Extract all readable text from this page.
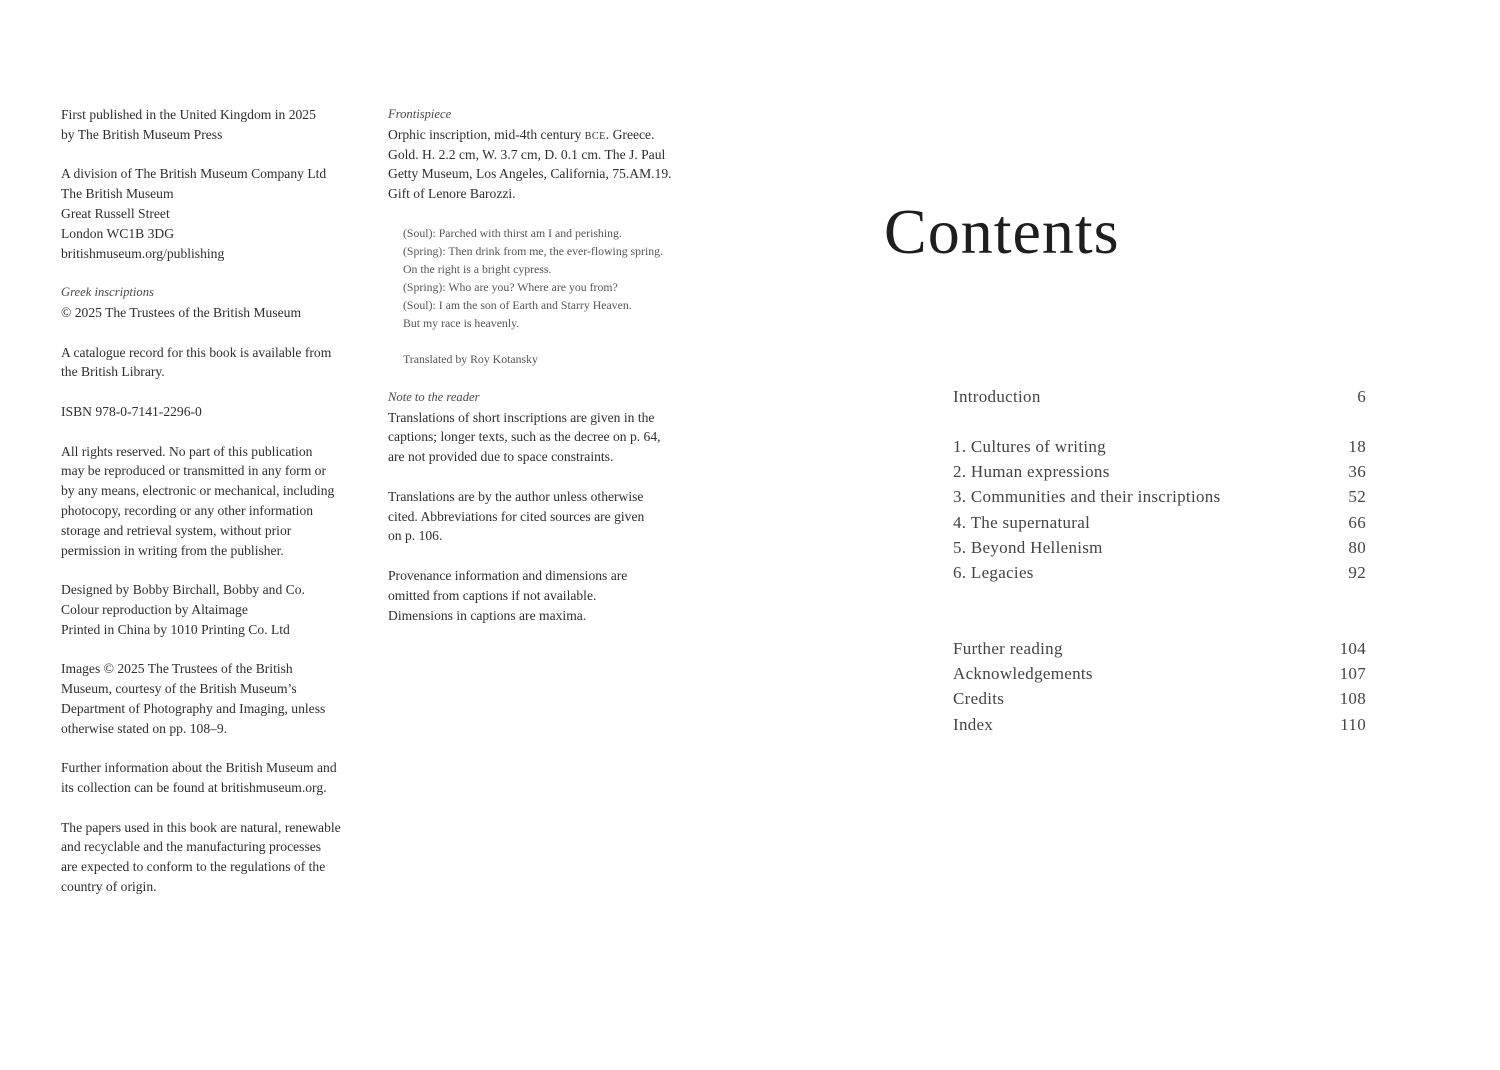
First published in the United Kingdom in 2025
by The British Museum Press
A division of The British Museum Company Ltd
The British Museum
Great Russell Street
London WC1B 3DG
britishmuseum.org/publishing
Greek inscriptions
© 2025 The Trustees of the British Museum
A catalogue record for this book is available from
the British Library.
ISBN 978-0-7141-2296-0
All rights reserved. No part of this publication
may be reproduced or transmitted in any form or
by any means, electronic or mechanical, including
photocopy, recording or any other information
storage and retrieval system, without prior
permission in writing from the publisher.
Designed by Bobby Birchall, Bobby and Co.
Colour reproduction by Altaimage
Printed in China by 1010 Printing Co. Ltd
Images © 2025 The Trustees of the British
Museum, courtesy of the British Museum’s
Department of Photography and Imaging, unless
otherwise stated on pp. 108–9.
Further information about the British Museum and
its collection can be found at britishmuseum.org.
The papers used in this book are natural, renewable
and recyclable and the manufacturing processes
are expected to conform to the regulations of the
country of origin.
Frontispiece
Orphic inscription, mid-4th century bce. Greece.
Gold. H. 2.2 cm, W. 3.7 cm, D. 0.1 cm. The J. Paul
Getty Museum, Los Angeles, California, 75.AM.19.
Gift of Lenore Barozzi.
(Soul): Parched with thirst am I and perishing.
(Spring): Then drink from me, the ever-flowing spring.
On the right is a bright cypress.
(Spring): Who are you? Where are you from?
(Soul): I am the son of Earth and Starry Heaven.
But my race is heavenly.
Translated by Roy Kotansky
Note to the reader
Translations of short inscriptions are given in the
captions; longer texts, such as the decree on p. 64,
are not provided due to space constraints.
Translations are by the author unless otherwise
cited. Abbreviations for cited sources are given
on p. 106.
Provenance information and dimensions are
omitted from captions if not available.
Dimensions in captions are maxima.
Contents
Introduction	6
1. Cultures of writing	18
2. Human expressions	36
3. Communities and their inscriptions	52
4. The supernatural	66
5. Beyond Hellenism	80
6. Legacies	92
Further reading	104
Acknowledgements	107
Credits	108
Index	110
